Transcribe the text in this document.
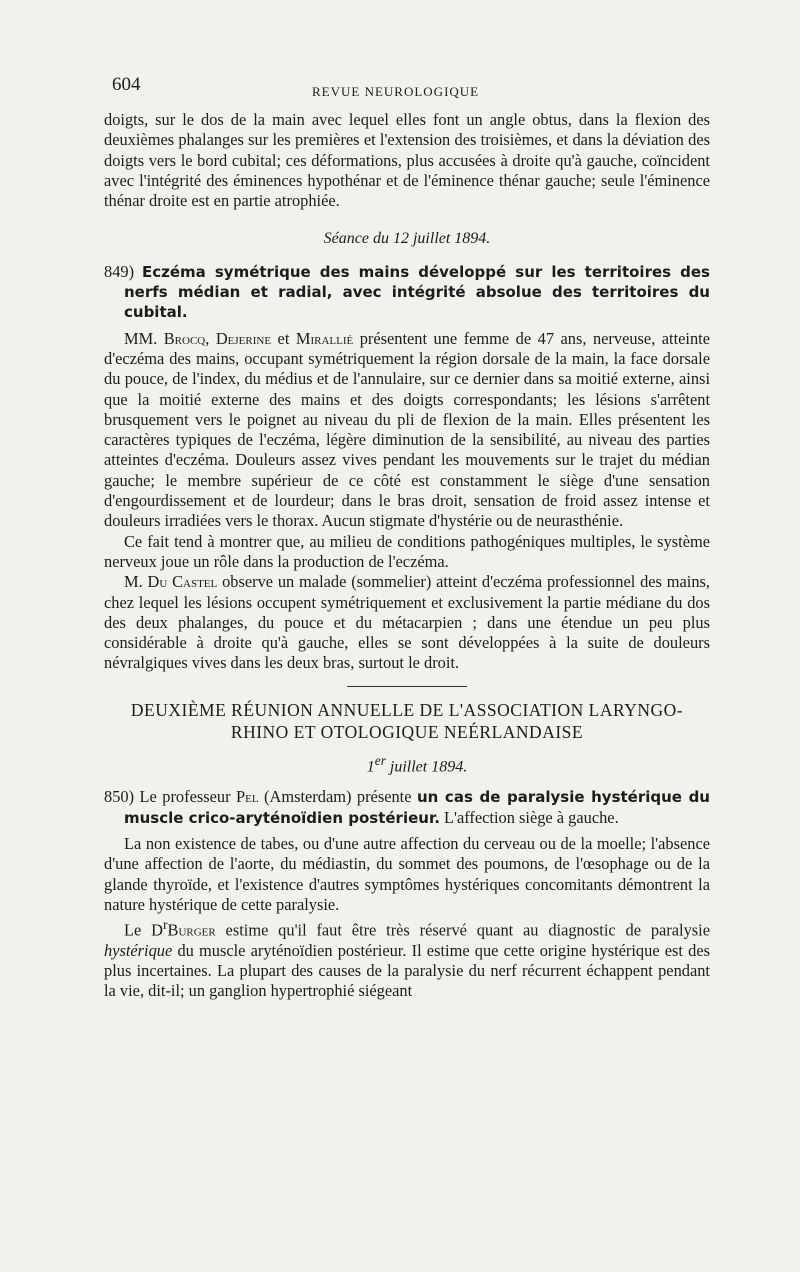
604	REVUE NEUROLOGIQUE

doigts, sur le dos de la main avec lequel elles font un angle obtus, dans la flexion des deuxièmes phalanges sur les premières et l'extension des troisièmes, et dans la déviation des doigts vers le bord cubital; ces déformations, plus accusées à droite qu'à gauche, coïncident avec l'intégrité des éminences hypothénar et de l'éminence thénar gauche; seule l'éminence thénar droite est en partie atrophiée.

Séance du 12 juillet 1894.

849) Eczéma symétrique des mains développé sur les territoires des nerfs médian et radial, avec intégrité absolue des territoires du cubital.

MM. Brocq, Dejerine et Mirallié présentent une femme de 47 ans, nerveuse, atteinte d'eczéma des mains, occupant symétriquement la région dorsale de la main, la face dorsale du pouce, de l'index, du médius et de l'annulaire, sur ce dernier dans sa moitié externe, ainsi que la moitié externe des mains et des doigts correspondants; les lésions s'arrêtent brusquement vers le poignet au niveau du pli de flexion de la main. Elles présentent les caractères typiques de l'eczéma, légère diminution de la sensibilité, au niveau des parties atteintes d'eczéma. Douleurs assez vives pendant les mouvements sur le trajet du médian gauche; le membre supérieur de ce côté est constamment le siège d'une sensation d'engourdissement et de lourdeur; dans le bras droit, sensation de froid assez intense et douleurs irradiées vers le thorax. Aucun stigmate d'hystérie ou de neurasthénie.

Ce fait tend à montrer que, au milieu de conditions pathogéniques multiples, le système nerveux joue un rôle dans la production de l'eczéma.

M. Du Castel observe un malade (sommelier) atteint d'eczéma professionnel des mains, chez lequel les lésions occupent symétriquement et exclusivement la partie médiane du dos des deux phalanges, du pouce et du métacarpien ; dans une étendue un peu plus considérable à droite qu'à gauche, elles se sont développées à la suite de douleurs névralgiques vives dans les deux bras, surtout le droit.

DEUXIÈME RÉUNION ANNUELLE DE L'ASSOCIATION LARYNGO-
RHINO ET OTOLOGIQUE NEÉRLANDAISE

1er juillet 1894.

850) Le professeur Pel (Amsterdam) présente un cas de paralysie hystérique du muscle crico-aryténoïdien postérieur. L'affection siège à gauche.

La non existence de tabes, ou d'une autre affection du cerveau ou de la moelle; l'absence d'une affection de l'aorte, du médiastin, du sommet des poumons, de l'œsophage ou de la glande thyroïde, et l'existence d'autres symptômes hystériques concomitants démontrent la nature hystérique de cette paralysie.

Le $D^rBurger$ estime qu'il faut être très réservé quant au diagnostic de paralysie hystérique du muscle aryténoïdien postérieur. Il estime que cette origine hystérique est des plus incertaines. La plupart des causes de la paralysie du nerf récurrent échappent pendant la vie, dit-il; un ganglion hypertrophié siégeant
